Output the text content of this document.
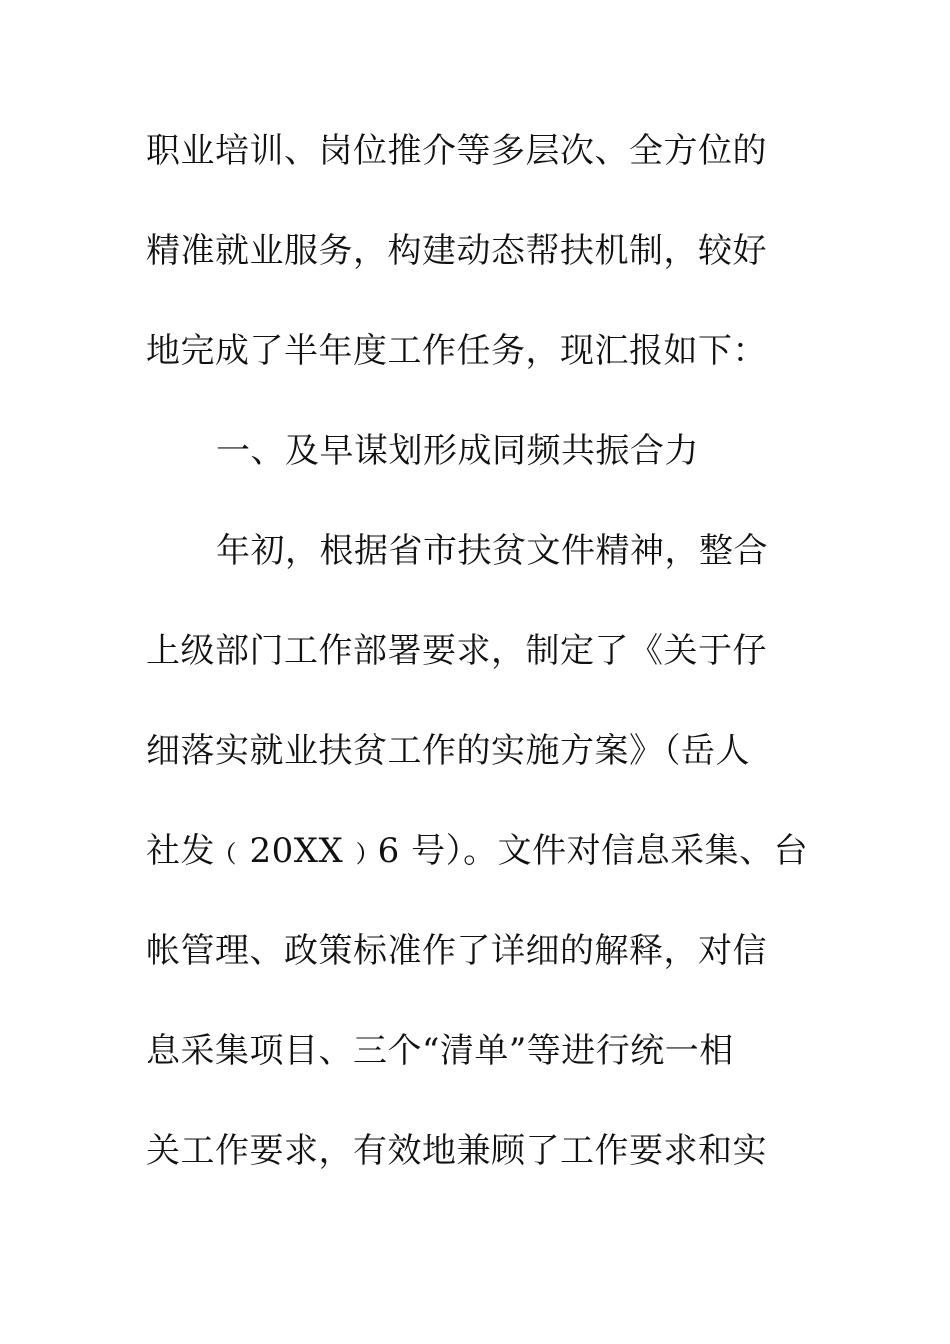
职业培训、岗位推介等多层次、全方位的
精准就业服务，构建动态帮扶机制，较好
地完成了半年度工作任务，现汇报如下：
一、及早谋划形成同频共振合力
年初，根据省市扶贫文件精神，整合
上级部门工作部署要求，制定了《关于仔
细落实就业扶贫工作的实施方案》（岳人
社发﹙20XX﹚6 号）。文件对信息采集、台
帐管理、政策标准作了详细的解释，对信
息采集项目、三个“清单”等进行统一相
关工作要求，有效地兼顾了工作要求和实
